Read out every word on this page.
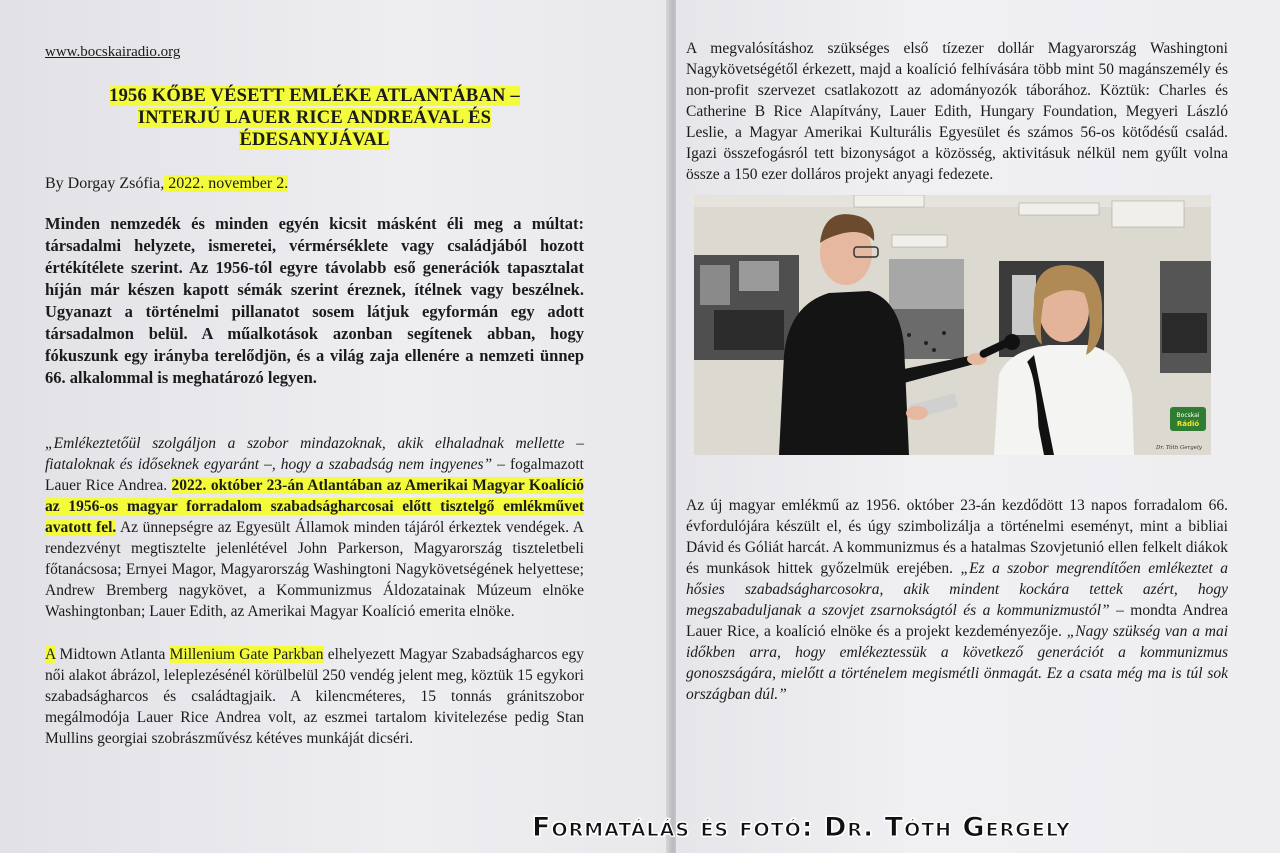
www.bocskairadio.org
1956 KŐBE VÉSETT EMLÉKE ATLANTÁBAN –
INTERJÚ LAUER RICE ANDREÁVAL ÉS
ÉDESANYJÁVAL
By Dorgay Zsófia, 2022. november 2.
Minden nemzedék és minden egyén kicsit másként éli meg a múltat: társadalmi helyzete, ismeretei, vérmérséklete vagy családjából hozott értékítélete szerint. Az 1956-tól egyre távolabb eső generációk tapasztalat híján már készen kapott sémák szerint éreznek, ítélnek vagy beszélnek. Ugyanazt a történelmi pillanatot sosem látjuk egyformán egy adott társadalmon belül. A műalkotások azonban segítenek abban, hogy fókuszunk egy irányba terelődjön, és a világ zaja ellenére a nemzeti ünnep 66. alkalommal is meghatározó legyen.
„Emlékeztetőül szolgáljon a szobor mindazoknak, akik elhaladnak mellette – fiataloknak és időseknek egyaránt –, hogy a szabadság nem ingyenes” – fogalmazott Lauer Rice Andrea. 2022. október 23-án Atlantában az Amerikai Magyar Koalíció az 1956-os magyar forradalom szabadságharcosai előtt tisztelgő emlékművet avatott fel. Az ünnepségre az Egyesült Államok minden tájáról érkeztek vendégek. A rendezvényt megtisztelte jelenlétével John Parkerson, Magyarország tiszteletbeli főtanácsosa; Ernyei Magor, Magyarország Washingtoni Nagykövetségének helyettese; Andrew Bremberg nagykövet, a Kommunizmus Áldozatainak Múzeum elnöke Washingtonban; Lauer Edith, az Amerikai Magyar Koalíció emerita elnöke.
A Midtown Atlanta Millenium Gate Parkban elhelyezett Magyar Szabadságharcos egy női alakot ábrázol, leleplezésénél körülbelül 250 vendég jelent meg, köztük 15 egykori szabadságharcos és családtagjaik. A kilencméteres, 15 tonnás gránitszobor megálmodója Lauer Rice Andrea volt, az eszmei tartalom kivitelezése pedig Stan Mullins georgiai szobrászművész kétéves munkáját dicséri.
A megvalósításhoz szükséges első tízezer dollár Magyarország Washingtoni Nagykövetségétől érkezett, majd a koalíció felhívására több mint 50 magánszemély és non-profit szervezet csatlakozott az adományozók táborához. Köztük: Charles és Catherine B Rice Alapítvány, Lauer Edith, Hungary Foundation, Megyeri László Leslie, a Magyar Amerikai Kulturális Egyesület és számos 56-os kötődésű család. Igazi összefogásról tett bizonyságot a közösség, aktivitásuk nélkül nem gyűlt volna össze a 150 ezer dolláros projekt anyagi fedezete.
Bocskai
Rádió
Dr. Tóth Gergely
Az új magyar emlékmű az 1956. október 23-án kezdődött 13 napos forradalom 66. évfordulójára készült el, és úgy szimbolizálja a történelmi eseményt, mint a bibliai Dávid és Góliát harcát. A kommunizmus és a hatalmas Szovjetunió ellen felkelt diákok és munkások hittek győzelmük erejében. „Ez a szobor megrendítően emlékeztet a hősies szabadságharcosokra, akik mindent kockára tettek azért, hogy megszabaduljanak a szovjet zsarnokságtól és a kommunizmustól” – mondta Andrea Lauer Rice, a koalíció elnöke és a projekt kezdeményezője. „Nagy szükség van a mai időkben arra, hogy emlékeztessük a következő generációt a kommunizmus gonoszságára, mielőtt a történelem megismétli önmagát. Ez a csata még ma is túl sok országban dúl.”
Formatálás és fotó: Dr. Tóth Gergely
